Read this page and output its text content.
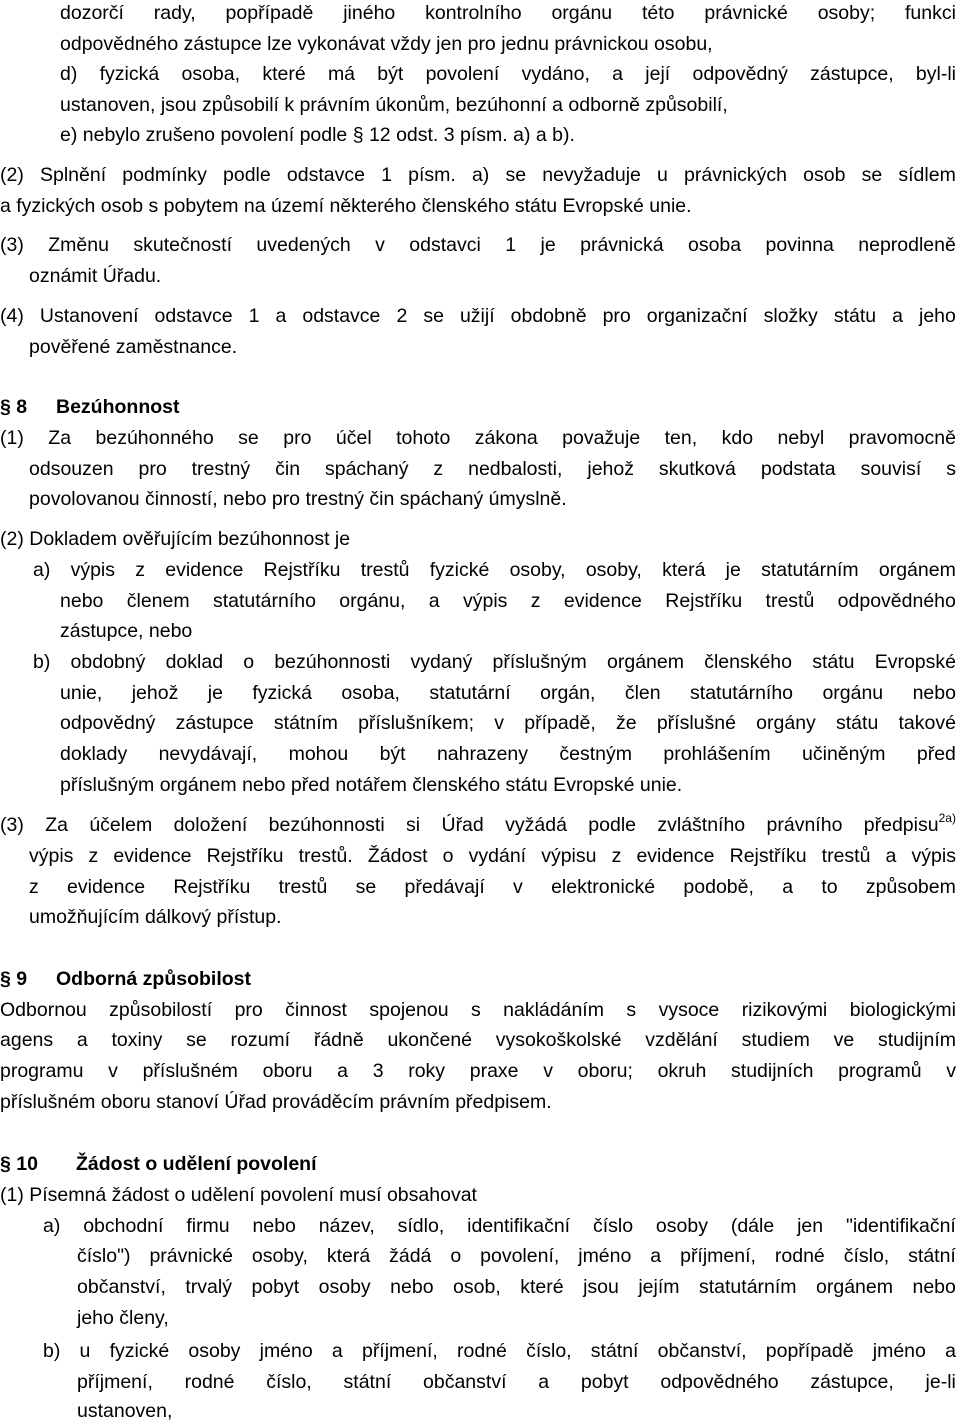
dozorčí rady, popřípadě jiného kontrolního orgánu této právnické osoby; funkci
odpovědného zástupce lze vykonávat vždy jen pro jednu právnickou osobu,
d) fyzická osoba, které má být povolení vydáno, a její odpovědný zástupce, byl-li
ustanoven, jsou způsobilí k právním úkonům, bezúhonní a odborně způsobilí,
e) nebylo zrušeno povolení podle § 12 odst. 3 písm. a) a b).
(2) Splnění podmínky podle odstavce 1 písm. a) se nevyžaduje u právnických osob se sídlem
a fyzických osob s pobytem na území některého členského státu Evropské unie.
(3) Změnu skutečností uvedených v odstavci 1 je právnická osoba povinna neprodleně
oznámit Úřadu.
(4) Ustanovení odstavce 1 a odstavce 2 se užijí obdobně pro organizační složky státu a jeho
pověřené zaměstnance.
§ 8 Bezúhonnost
(1) Za bezúhonného se pro účel tohoto zákona považuje ten, kdo nebyl pravomocně
odsouzen pro trestný čin spáchaný z nedbalosti, jehož skutková podstata souvisí s
povolovanou činností, nebo pro trestný čin spáchaný úmyslně.
(2) Dokladem ověřujícím bezúhonnost je
a) výpis z evidence Rejstříku trestů fyzické osoby, osoby, která je statutárním orgánem
nebo členem statutárního orgánu, a výpis z evidence Rejstříku trestů odpovědného
zástupce, nebo
b) obdobný doklad o bezúhonnosti vydaný příslušným orgánem členského státu Evropské
unie, jehož je fyzická osoba, statutární orgán, člen statutárního orgánu nebo
odpovědný zástupce státním příslušníkem; v případě, že příslušné orgány státu takové
doklady nevydávají, mohou být nahrazeny čestným prohlášením učiněným před
příslušným orgánem nebo před notářem členského státu Evropské unie.
(3) Za účelem doložení bezúhonnosti si Úřad vyžádá podle zvláštního právního předpisu$^{2a)}$
výpis z evidence Rejstříku trestů. Žádost o vydání výpisu z evidence Rejstříku trestů a výpis
z evidence Rejstříku trestů se předávají v elektronické podobě, a to způsobem
umožňujícím dálkový přístup.
§ 9 Odborná způsobilost
Odbornou způsobilostí pro činnost spojenou s nakládáním s vysoce rizikovými biologickými
agens a toxiny se rozumí řádně ukončené vysokoškolské vzdělání studiem ve studijním
programu v příslušném oboru a 3 roky praxe v oboru; okruh studijních programů v
příslušném oboru stanoví Úřad prováděcím právním předpisem.
§ 10 Žádost o udělení povolení
(1) Písemná žádost o udělení povolení musí obsahovat
a) obchodní firmu nebo název, sídlo, identifikační číslo osoby (dále jen "identifikační
číslo") právnické osoby, která žádá o povolení, jméno a příjmení, rodné číslo, státní
občanství, trvalý pobyt osoby nebo osob, které jsou jejím statutárním orgánem nebo
jeho členy,
b) u fyzické osoby jméno a příjmení, rodné číslo, státní občanství, popřípadě jméno a
příjmení, rodné číslo, státní občanství a pobyt odpovědného zástupce, je-li
ustanoven,
